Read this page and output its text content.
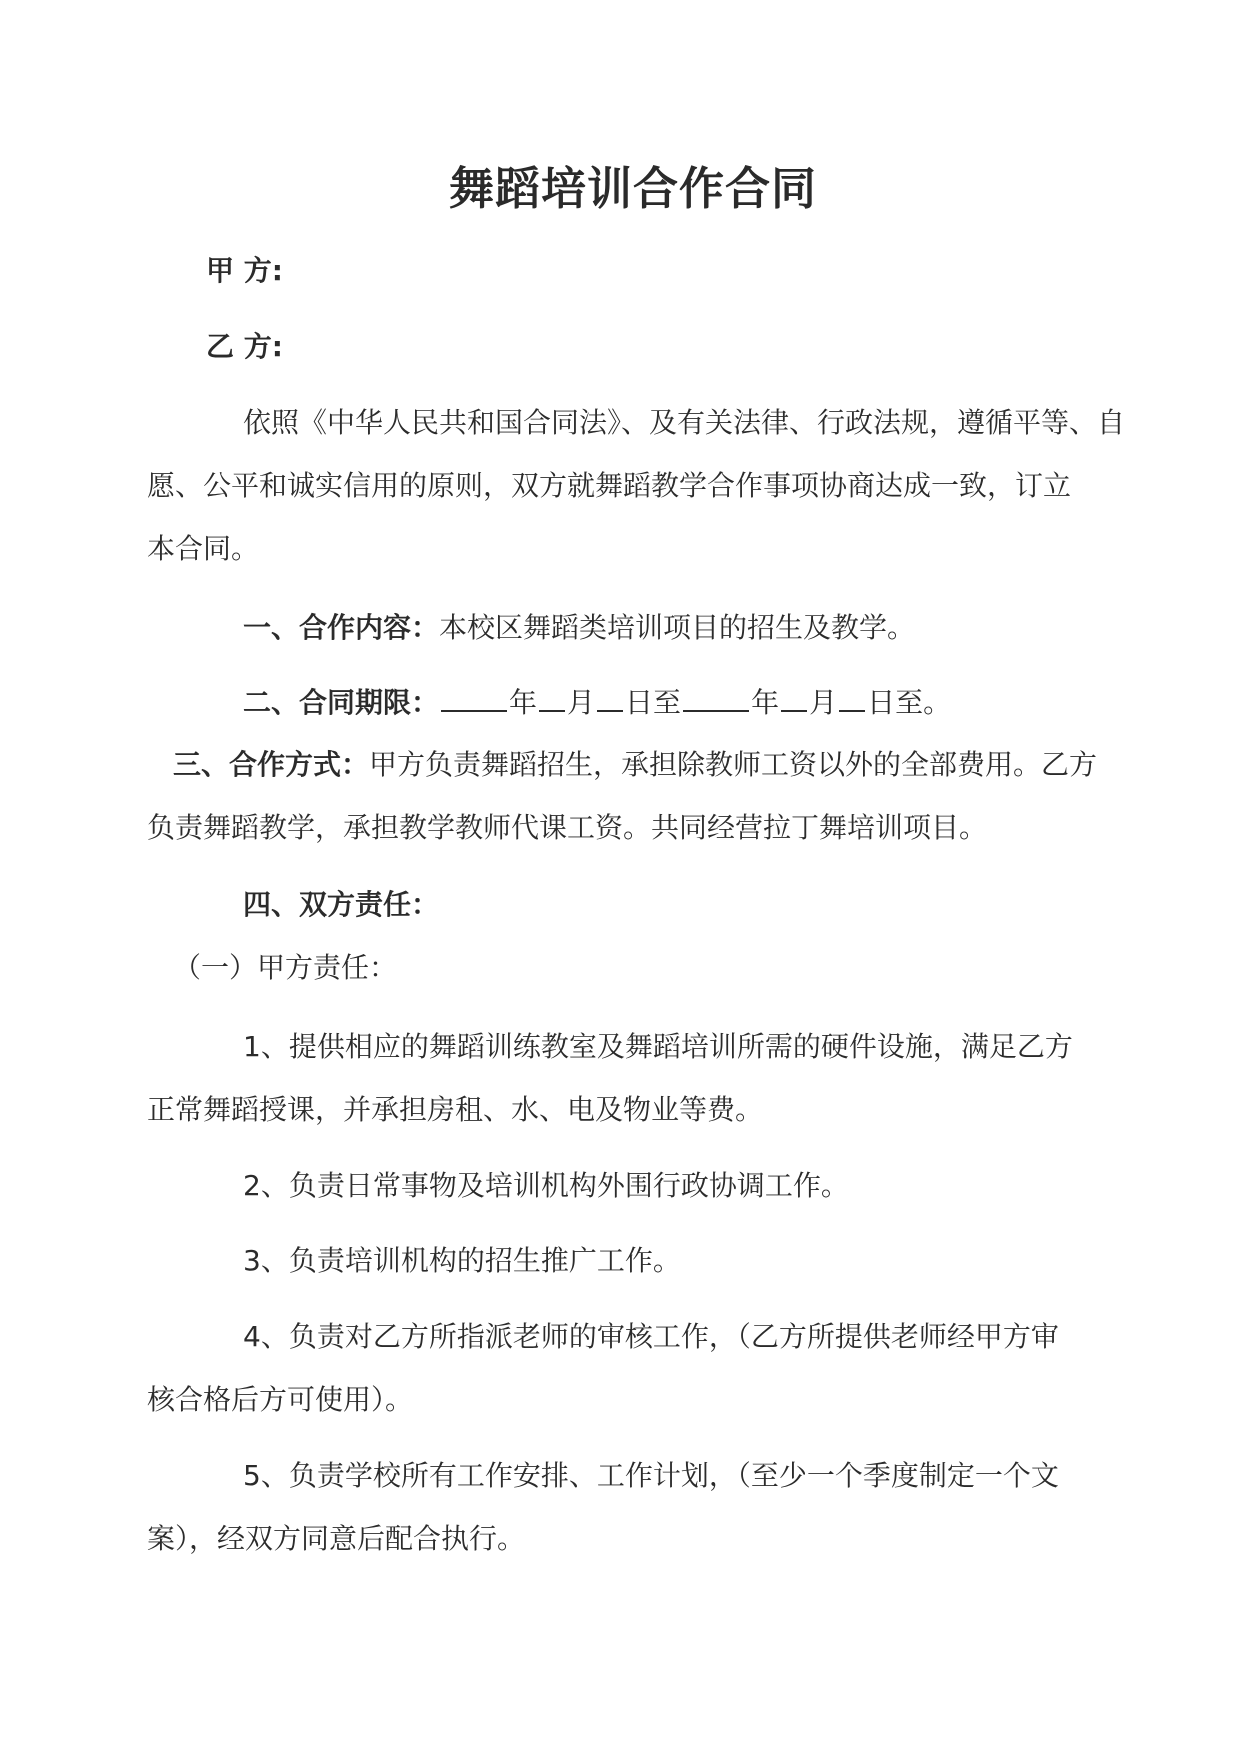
舞蹈培训合作合同
甲 方:
乙 方:
依照《中华人民共和国合同法》、及有关法律、行政法规，遵循平等、自
愿、公平和诚实信用的原则，双方就舞蹈教学合作事项协商达成一致，订立
本合同。
一、合作内容：本校区舞蹈类培训项目的招生及教学。
二、合同期限：	年 月 日至	年 月 日至。
三、合作方式：甲方负责舞蹈招生，承担除教师工资以外的全部费用。乙方
负责舞蹈教学，承担教学教师代课工资。共同经营拉丁舞培训项目。
四、双方责任：
（一）甲方责任：
1、提供相应的舞蹈训练教室及舞蹈培训所需的硬件设施，满足乙方
正常舞蹈授课，并承担房租、水、电及物业等费。
2、负责日常事物及培训机构外围行政协调工作。
3、负责培训机构的招生推广工作。
4、负责对乙方所指派老师的审核工作，（乙方所提供老师经甲方审
核合格后方可使用）。
5、负责学校所有工作安排、工作计划，（至少一个季度制定一个文
案），经双方同意后配合执行。
